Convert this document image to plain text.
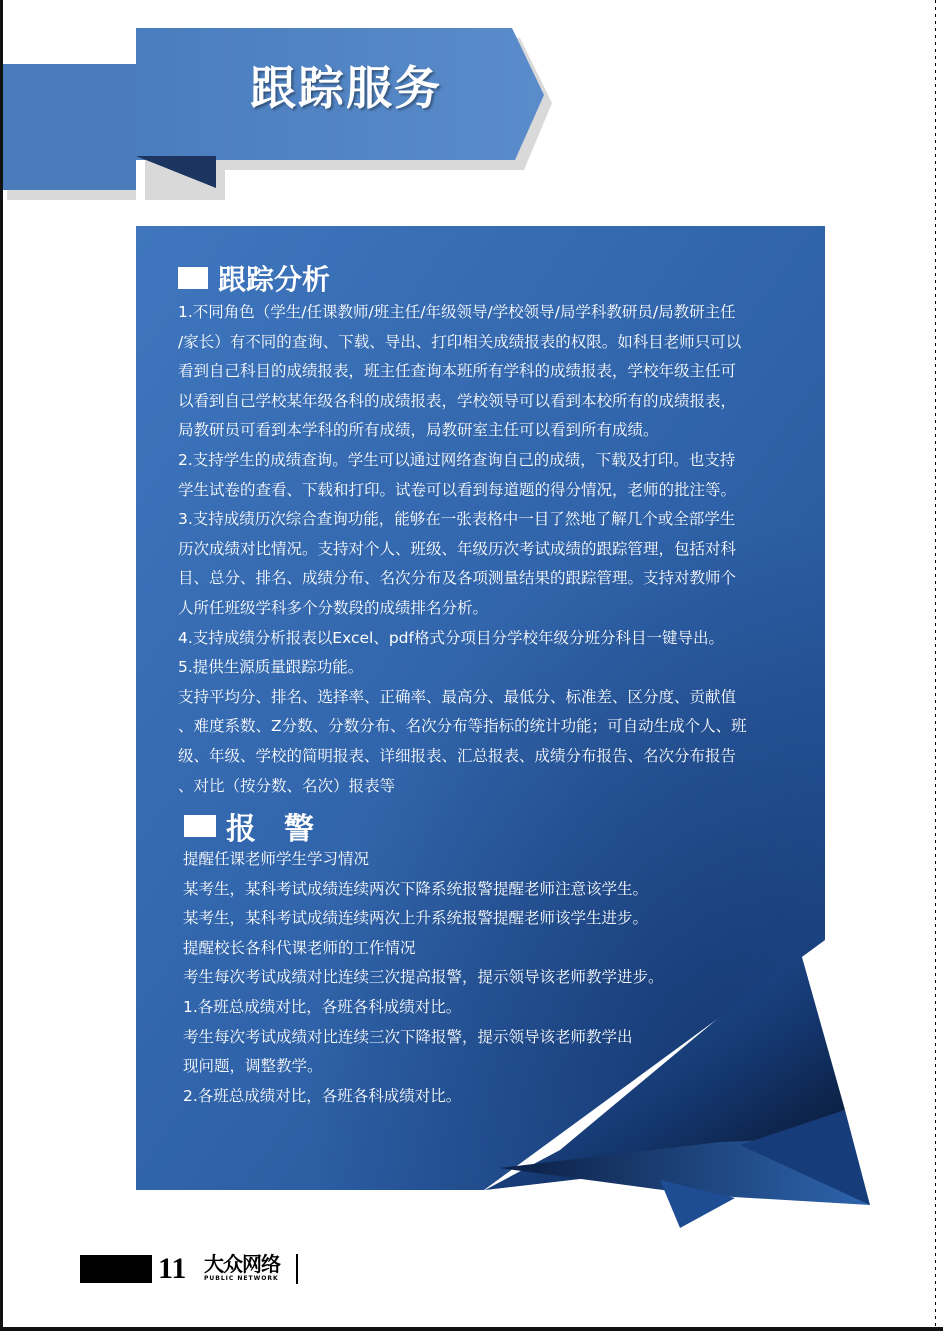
跟踪服务
跟踪分析
1.不同角色（学生/任课教师/班主任/年级领导/学校领导/局学科教研员/局教研主任
/家长）有不同的查询、下载、导出、打印相关成绩报表的权限。如科目老师只可以
看到自己科目的成绩报表，班主任查询本班所有学科的成绩报表，学校年级主任可
以看到自己学校某年级各科的成绩报表，学校领导可以看到本校所有的成绩报表，
局教研员可看到本学科的所有成绩，局教研室主任可以看到所有成绩。
2.支持学生的成绩查询。学生可以通过网络查询自己的成绩，下载及打印。也支持
学生试卷的查看、下载和打印。试卷可以看到每道题的得分情况，老师的批注等。
3.支持成绩历次综合查询功能，能够在一张表格中一目了然地了解几个或全部学生
历次成绩对比情况。支持对个人、班级、年级历次考试成绩的跟踪管理，包括对科
目、总分、排名、成绩分布、名次分布及各项测量结果的跟踪管理。支持对教师个
人所任班级学科多个分数段的成绩排名分析。
4.支持成绩分析报表以Excel、pdf格式分项目分学校年级分班分科目一键导出。
5.提供生源质量跟踪功能。
支持平均分、排名、选择率、正确率、最高分、最低分、标准差、区分度、贡献值
、难度系数、Z分数、分数分布、名次分布等指标的统计功能；可自动生成个人、班
级、年级、学校的简明报表、详细报表、汇总报表、成绩分布报告、名次分布报告
、对比（按分数、名次）报表等
报警
提醒任课老师学生学习情况
某考生，某科考试成绩连续两次下降系统报警提醒老师注意该学生。
某考生，某科考试成绩连续两次上升系统报警提醒老师该学生进步。
提醒校长各科代课老师的工作情况
考生每次考试成绩对比连续三次提高报警，提示领导该老师教学进步。
1.各班总成绩对比，各班各科成绩对比。
考生每次考试成绩对比连续三次下降报警，提示领导该老师教学出
现问题，调整教学。
2.各班总成绩对比，各班各科成绩对比。
11 大众网络
PUBLIC NETWORK
